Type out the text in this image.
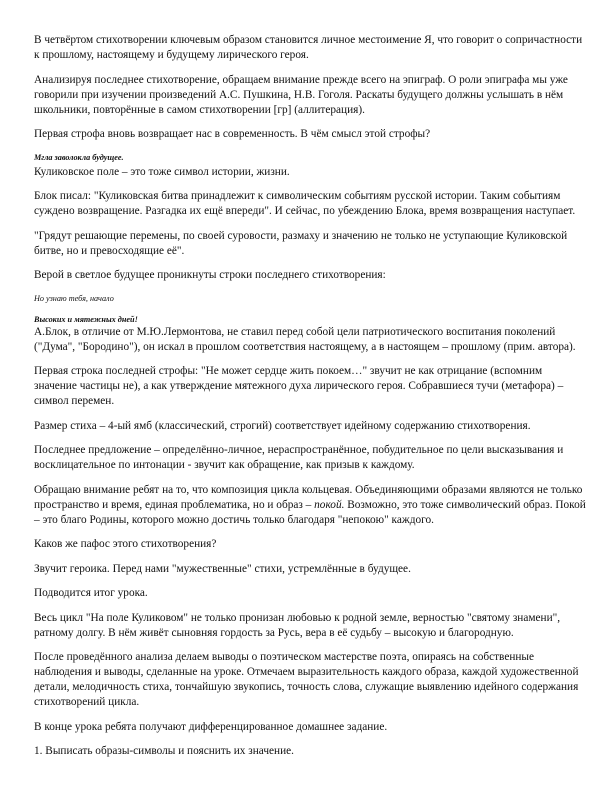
В четвёртом стихотворении ключевым образом становится личное местоимение Я, что говорит о сопричастности к прошлому, настоящему и будущему лирического героя.

Анализируя последнее стихотворение, обращаем внимание прежде всего на эпиграф. О роли эпиграфа мы уже говорили при изучении произведений А.С. Пушкина, Н.В. Гоголя. Раскаты будущего должны услышать в нём школьники, повторённые в самом стихотворении [гр] (аллитерация).

Первая строфа вновь возвращает нас в современность. В чём смысл этой строфы?

Мгла заволокла будущее.

Куликовское поле – это тоже символ истории, жизни.

Блок писал: "Куликовская битва принадлежит к символическим событиям русской истории. Таким событиям суждено возвращение. Разгадка их ещё впереди". И сейчас, по убеждению Блока, время возвращения наступает.

"Грядут решающие перемены, по своей суровости, размаху и значению не только не уступающие Куликовской битве, но и превосходящие её".

Верой в светлое будущее проникнуты строки последнего стихотворения:

Но узнаю тебя, начало

Высоких и мятежных дней!

А.Блок, в отличие от М.Ю.Лермонтова, не ставил перед собой цели патриотического воспитания поколений ("Дума", "Бородино"), он искал в прошлом соответствия настоящему, а в настоящем – прошлому (прим. автора).

Первая строка последней строфы: "Не может сердце жить покоем…" звучит не как отрицание (вспомним значение частицы не), а как утверждение мятежного духа лирического героя. Собравшиеся тучи (метафора) – символ перемен.

Размер стиха – 4-ый ямб (классический, строгий) соответствует идейному содержанию стихотворения.

Последнее предложение – определённо-личное, нераспространённое, побудительное по цели высказывания и восклицательное по интонации - звучит как обращение, как призыв к каждому.

Обращаю внимание ребят на то, что композиция цикла кольцевая. Объединяющими образами являются не только пространство и время, единая проблематика, но и образ – покой. Возможно, это тоже символический образ. Покой – это благо Родины, которого можно достичь только благодаря "непокою" каждого.

Каков же пафос этого стихотворения?

Звучит героика. Перед нами "мужественные" стихи, устремлённые в будущее.

Подводится итог урока.

Весь цикл "На поле Куликовом" не только пронизан любовью к родной земле, верностью "святому знамени", ратному долгу. В нём живёт сыновняя гордость за Русь, вера в её судьбу – высокую и благородную.

После проведённого анализа делаем выводы о поэтическом мастерстве поэта, опираясь на собственные наблюдения и выводы, сделанные на уроке. Отмечаем выразительность каждого образа, каждой художественной детали, мелодичность стиха, тончайшую звукопись, точность слова, служащие выявлению идейного содержания стихотворений цикла.

В конце урока ребята получают дифференцированное домашнее задание.

1. Выписать образы-символы и пояснить их значение.
